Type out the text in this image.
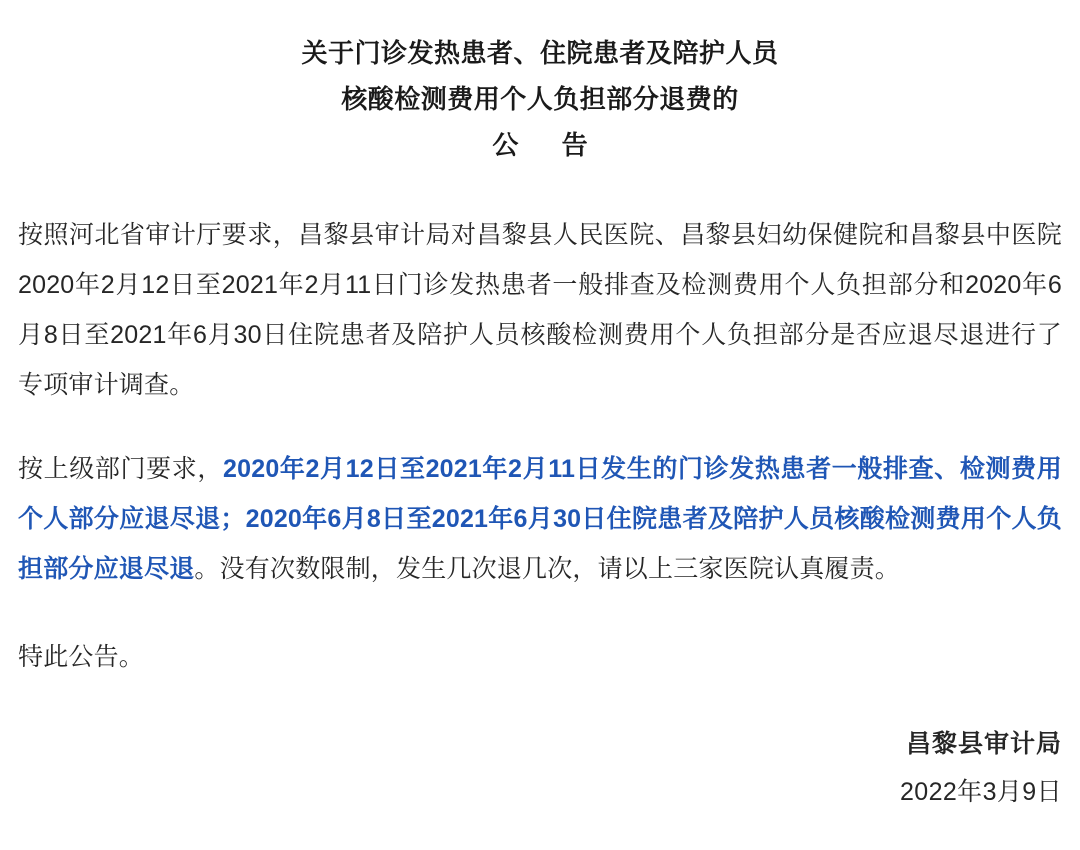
关于门诊发热患者、住院患者及陪护人员
核酸检测费用个人负担部分退费的
公 告

按照河北省审计厅要求，昌黎县审计局对昌黎县人民医院、昌黎县妇幼保健院和昌黎县中医院2020年2月12日至2021年2月11日门诊发热患者一般排查及检测费用个人负担部分和2020年6月8日至2021年6月30日住院患者及陪护人员核酸检测费用个人负担部分是否应退尽退进行了专项审计调查。

按上级部门要求，2020年2月12日至2021年2月11日发生的门诊发热患者一般排查、检测费用个人部分应退尽退；2020年6月8日至2021年6月30日住院患者及陪护人员核酸检测费用个人负担部分应退尽退。没有次数限制，发生几次退几次，请以上三家医院认真履责。

特此公告。

昌黎县审计局
2022年3月9日
